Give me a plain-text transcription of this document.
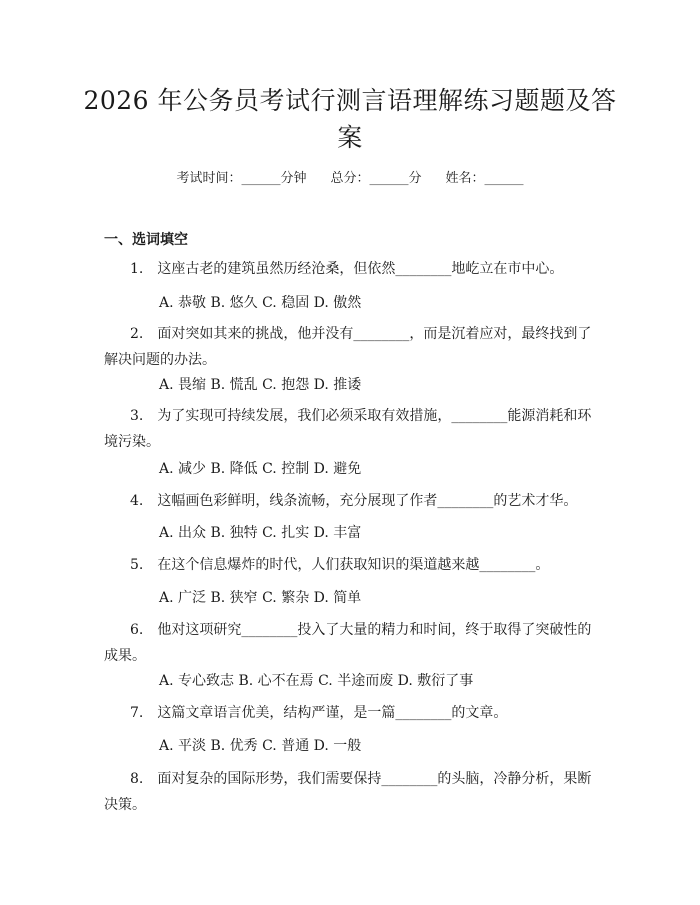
2026 年公务员考试行测言语理解练习题题及答案
考试时间：______分钟 总分：______分 姓名：______
一、选词填空
1. 这座古老的建筑虽然历经沧桑，但依然________地屹立在市中心。
A. 恭敬 B. 悠久 C. 稳固 D. 傲然
2. 面对突如其来的挑战，他并没有________，而是沉着应对，最终找到了解决问题的办法。
A. 畏缩 B. 慌乱 C. 抱怨 D. 推诿
3. 为了实现可持续发展，我们必须采取有效措施，________能源消耗和环境污染。
A. 减少 B. 降低 C. 控制 D. 避免
4. 这幅画色彩鲜明，线条流畅，充分展现了作者________的艺术才华。
A. 出众 B. 独特 C. 扎实 D. 丰富
5. 在这个信息爆炸的时代，人们获取知识的渠道越来越________。
A. 广泛 B. 狭窄 C. 繁杂 D. 简单
6. 他对这项研究________投入了大量的精力和时间，终于取得了突破性的成果。
A. 专心致志 B. 心不在焉 C. 半途而废 D. 敷衍了事
7. 这篇文章语言优美，结构严谨，是一篇________的文章。
A. 平淡 B. 优秀 C. 普通 D. 一般
8. 面对复杂的国际形势，我们需要保持________的头脑，冷静分析，果断决策。
